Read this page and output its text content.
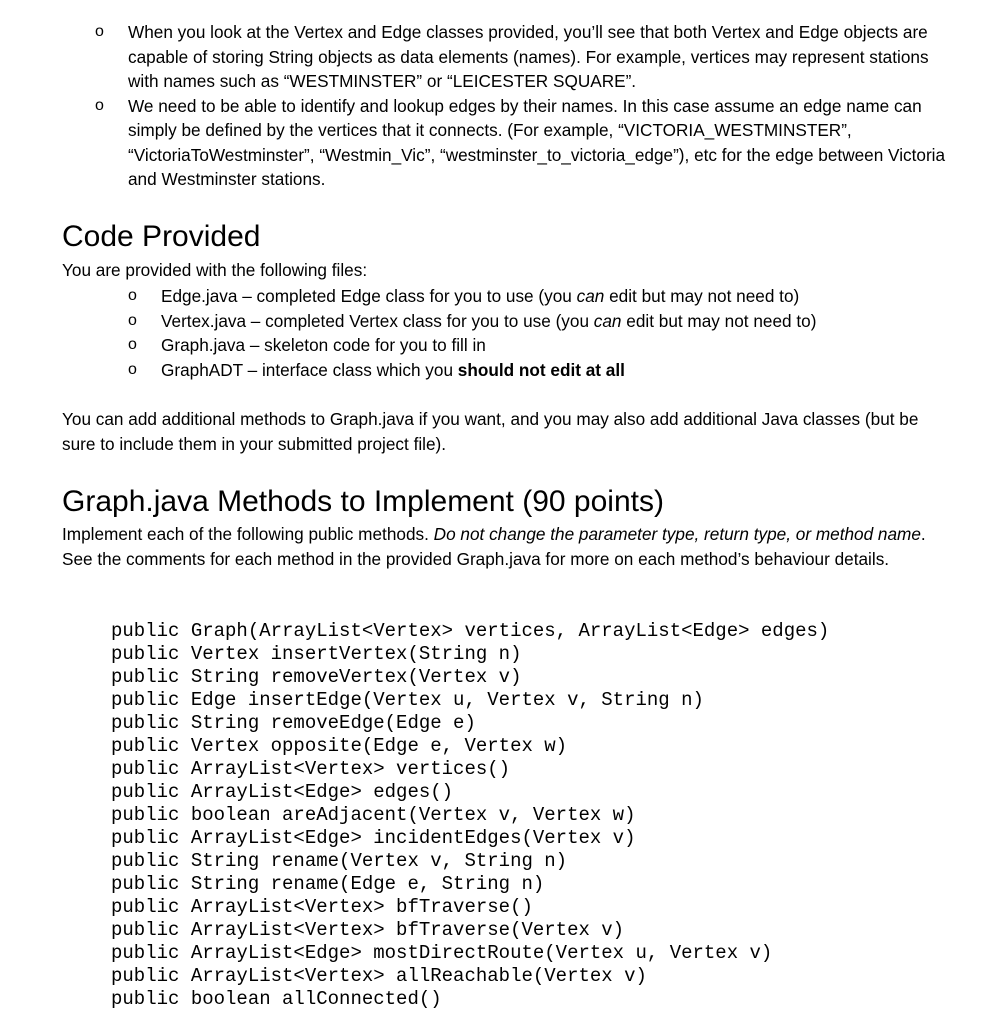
o When you look at the Vertex and Edge classes provided, you’ll see that both Vertex and Edge objects are capable of storing String objects as data elements (names). For example, vertices may represent stations with names such as “WESTMINSTER” or “LEICESTER SQUARE”.
o We need to be able to identify and lookup edges by their names. In this case assume an edge name can simply be defined by the vertices that it connects. (For example, “VICTORIA_WESTMINSTER”, “VictoriaToWestminster”, “Westmin_Vic”, “westminster_to_victoria_edge”), etc for the edge between Victoria and Westminster stations.
Code Provided
You are provided with the following files:
o Edge.java – completed Edge class for you to use (you can edit but may not need to)
o Vertex.java – completed Vertex class for you to use (you can edit but may not need to)
o Graph.java – skeleton code for you to fill in
o GraphADT – interface class which you should not edit at all
You can add additional methods to Graph.java if you want, and you may also add additional Java classes (but be sure to include them in your submitted project file).
Graph.java Methods to Implement (90 points)
Implement each of the following public methods. Do not change the parameter type, return type, or method name. See the comments for each method in the provided Graph.java for more on each method’s behaviour details.
public Graph(ArrayList<Vertex> vertices, ArrayList<Edge> edges)
public Vertex insertVertex(String n)
public String removeVertex(Vertex v)
public Edge insertEdge(Vertex u, Vertex v, String n)
public String removeEdge(Edge e)
public Vertex opposite(Edge e, Vertex w)
public ArrayList<Vertex> vertices()
public ArrayList<Edge> edges()
public boolean areAdjacent(Vertex v, Vertex w)
public ArrayList<Edge> incidentEdges(Vertex v)
public String rename(Vertex v, String n)
public String rename(Edge e, String n)
public ArrayList<Vertex> bfTraverse()
public ArrayList<Vertex> bfTraverse(Vertex v)
public ArrayList<Edge> mostDirectRoute(Vertex u, Vertex v)
public ArrayList<Vertex> allReachable(Vertex v)
public boolean allConnected()
